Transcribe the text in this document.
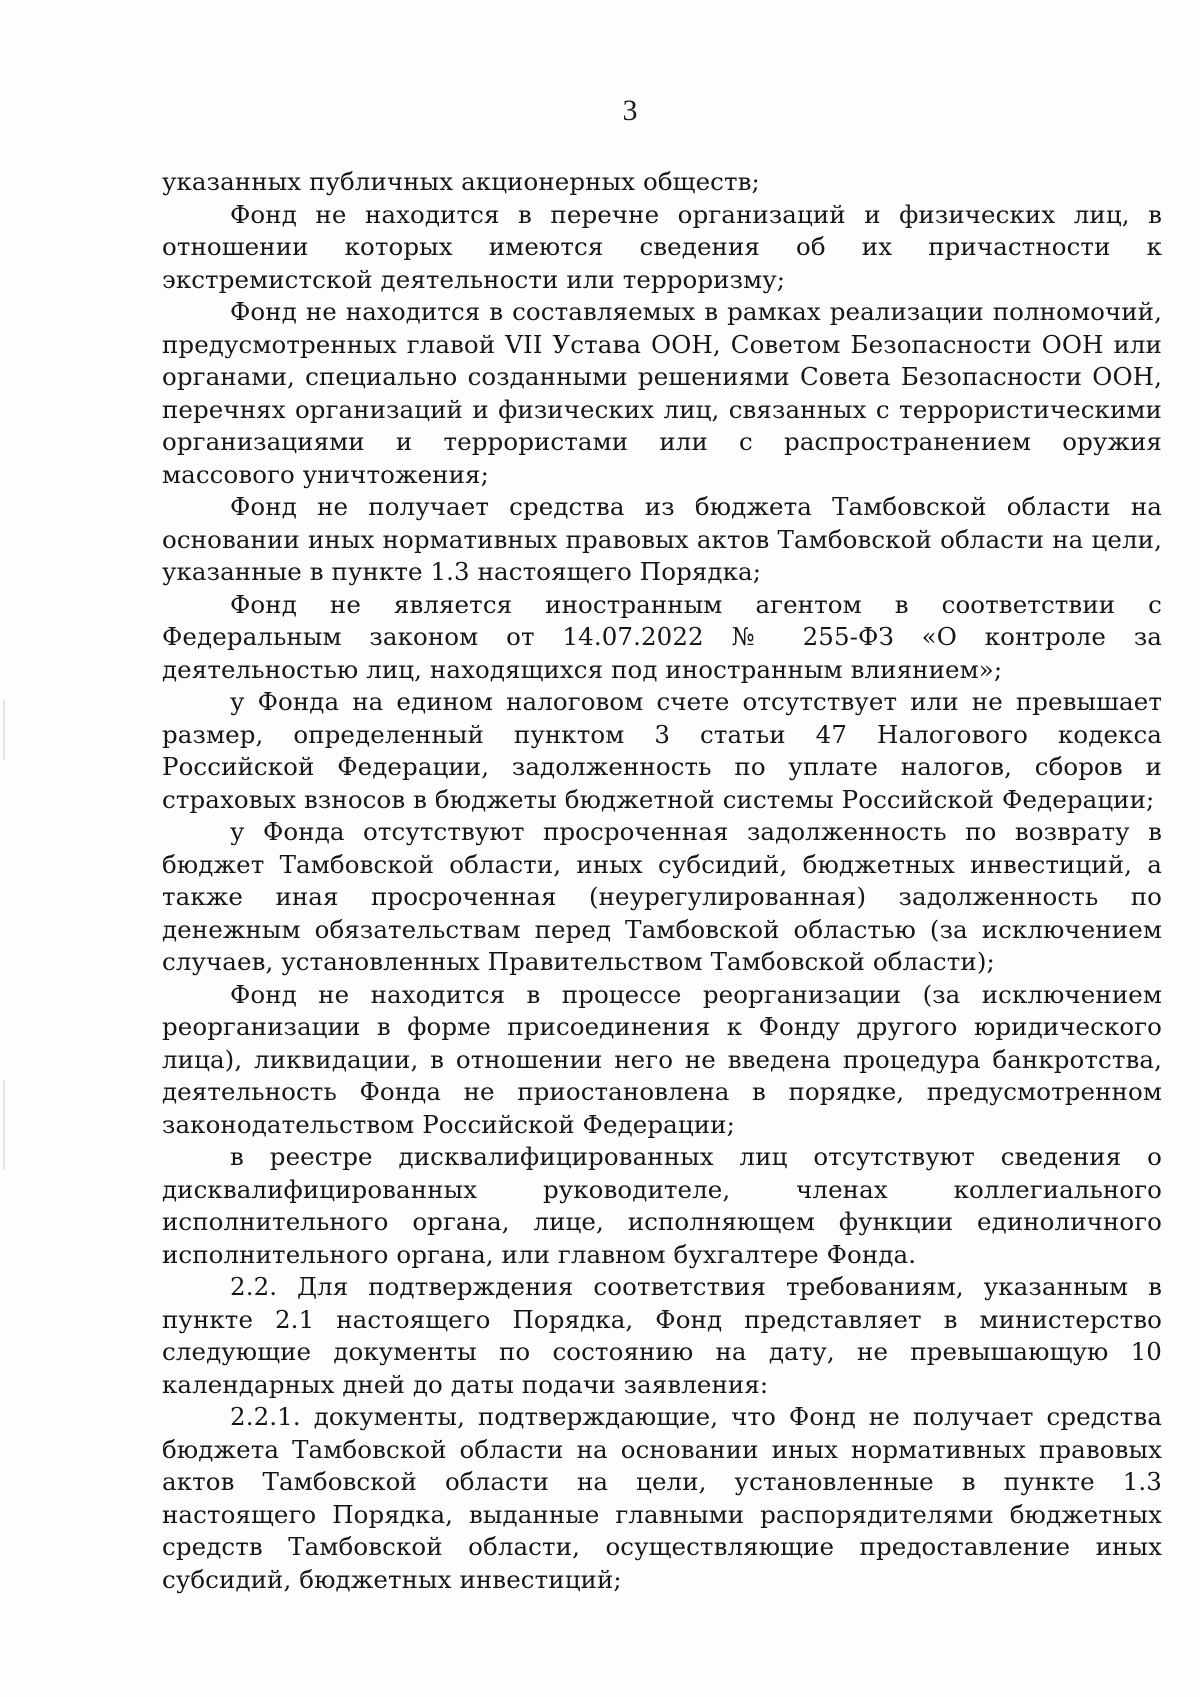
3

указанных публичных акционерных обществ;

Фонд не находится в перечне организаций и физических лиц, в отношении которых имеются сведения об их причастности к экстремистской деятельности или терроризму;

Фонд не находится в составляемых в рамках реализации полномочий, предусмотренных главой VII Устава ООН, Советом Безопасности ООН или органами, специально созданными решениями Совета Безопасности ООН, перечнях организаций и физических лиц, связанных с террористическими организациями и террористами или с распространением оружия массового уничтожения;

Фонд не получает средства из бюджета Тамбовской области на основании иных нормативных правовых актов Тамбовской области на цели, указанные в пункте 1.3 настоящего Порядка;

Фонд не является иностранным агентом в соответствии с Федеральным законом от 14.07.2022 № 255-ФЗ «О контроле за деятельностью лиц, находящихся под иностранным влиянием»;

у Фонда на едином налоговом счете отсутствует или не превышает размер, определенный пунктом 3 статьи 47 Налогового кодекса Российской Федерации, задолженность по уплате налогов, сборов и страховых взносов в бюджеты бюджетной системы Российской Федерации;

у Фонда отсутствуют просроченная задолженность по возврату в бюджет Тамбовской области, иных субсидий, бюджетных инвестиций, а также иная просроченная (неурегулированная) задолженность по денежным обязательствам перед Тамбовской областью (за исключением случаев, установленных Правительством Тамбовской области);

Фонд не находится в процессе реорганизации (за исключением реорганизации в форме присоединения к Фонду другого юридического лица), ликвидации, в отношении него не введена процедура банкротства, деятельность Фонда не приостановлена в порядке, предусмотренном законодательством Российской Федерации;

в реестре дисквалифицированных лиц отсутствуют сведения о дисквалифицированных руководителе, членах коллегиального исполнительного органа, лице, исполняющем функции единоличного исполнительного органа, или главном бухгалтере Фонда.

2.2. Для подтверждения соответствия требованиям, указанным в пункте 2.1 настоящего Порядка, Фонд представляет в министерство следующие документы по состоянию на дату, не превышающую 10 календарных дней до даты подачи заявления:

2.2.1. документы, подтверждающие, что Фонд не получает средства бюджета Тамбовской области на основании иных нормативных правовых актов Тамбовской области на цели, установленные в пункте 1.3 настоящего Порядка, выданные главными распорядителями бюджетных средств Тамбовской области, осуществляющие предоставление иных субсидий, бюджетных инвестиций;
